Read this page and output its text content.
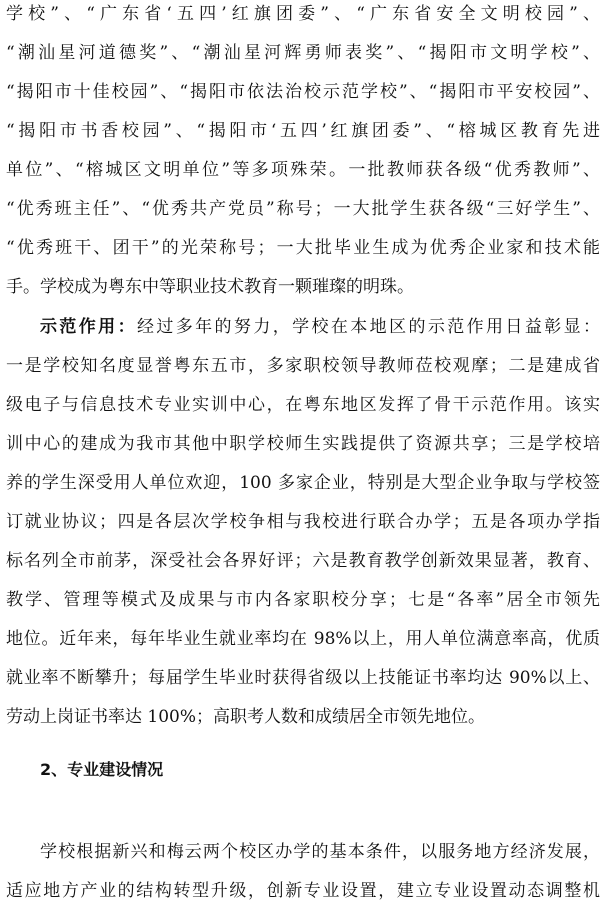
学校”、“广东省‘五四’红旗团委”、“广东省安全文明校园”、
“潮汕星河道德奖”、“潮汕星河辉勇师表奖”、“揭阳市文明学校”、
“揭阳市十佳校园”、“揭阳市依法治校示范学校”、“揭阳市平安校园”、
“揭阳市书香校园”、“揭阳市‘五四’红旗团委”、“榕城区教育先进
单位”、“榕城区文明单位”等多项殊荣。一批教师获各级“优秀教师”、
“优秀班主任”、“优秀共产党员”称号；一大批学生获各级“三好学生”、
“优秀班干、团干”的光荣称号；一大批毕业生成为优秀企业家和技术能
手。学校成为粤东中等职业技术教育一颗璀璨的明珠。
示范作用：经过多年的努力，学校在本地区的示范作用日益彰显：
一是学校知名度显誉粤东五市，多家职校领导教师莅校观摩；二是建成省
级电子与信息技术专业实训中心，在粤东地区发挥了骨干示范作用。该实
训中心的建成为我市其他中职学校师生实践提供了资源共享；三是学校培
养的学生深受用人单位欢迎，100 多家企业，特别是大型企业争取与学校签
订就业协议；四是各层次学校争相与我校进行联合办学；五是各项办学指
标名列全市前茅，深受社会各界好评；六是教育教学创新效果显著，教育、
教学、管理等模式及成果与市内各家职校分享；七是“各率”居全市领先
地位。近年来，每年毕业生就业率均在 98%以上，用人单位满意率高，优质
就业率不断攀升；每届学生毕业时获得省级以上技能证书率均达 90%以上、
劳动上岗证书率达 100%；高职考人数和成绩居全市领先地位。
2、专业建设情况
学校根据新兴和梅云两个校区办学的基本条件，以服务地方经济发展，
适应地方产业的结构转型升级，创新专业设置，建立专业设置动态调整机
